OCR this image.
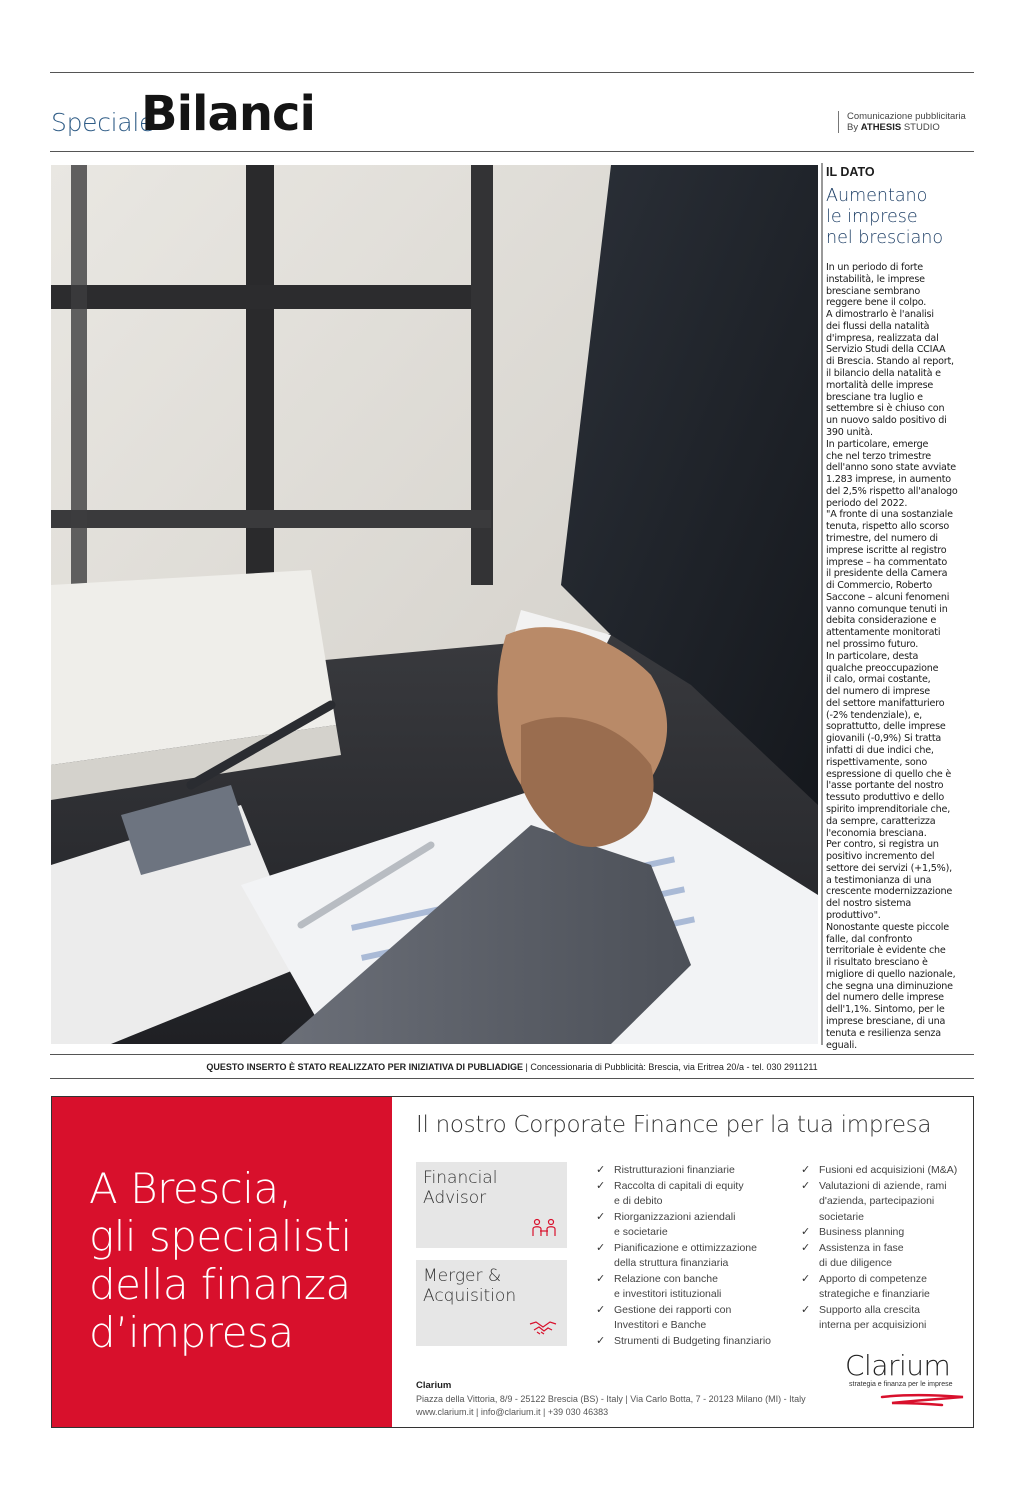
Speciale
Bilanci	Comunicazione pubblicitaria
By ATHESIS STUDIO
IL DATO
Aumentano
le imprese
nel bresciano

In un periodo di forte

instabilità, le imprese

bresciane sembrano

reggere bene il colpo.

A dimostrarlo è l'analisi

dei flussi della natalità

d'impresa, realizzata dal

Servizio Studi della CCIAA

di Brescia. Stando al report,

il bilancio della natalità e

mortalità delle imprese

bresciane tra luglio e

settembre si è chiuso con

un nuovo saldo positivo di

390 unità.

In particolare, emerge

che nel terzo trimestre

dell'anno sono state avviate

1.283 imprese, in aumento

del 2,5% rispetto all'analogo

periodo del 2022.

"A fronte di una sostanziale

tenuta, rispetto allo scorso

trimestre, del numero di

imprese iscritte al registro

imprese – ha commentato

il presidente della Camera

di Commercio, Roberto

Saccone – alcuni fenomeni

vanno comunque tenuti in

debita considerazione e

attentamente monitorati

nel prossimo futuro.

In particolare, desta

qualche preoccupazione

il calo, ormai costante,

del numero di imprese

del settore manifatturiero

(-2% tendenziale), e,

soprattutto, delle imprese

giovanili (-0,9%) Si tratta

infatti di due indici che,

rispettivamente, sono

espressione di quello che è

l'asse portante del nostro

tessuto produttivo e dello

spirito imprenditoriale che,

da sempre, caratterizza

l'economia bresciana.

Per contro, si registra un

positivo incremento del

settore dei servizi (+1,5%),

a testimonianza di una

crescente modernizzazione

del nostro sistema

produttivo".

Nonostante queste piccole

falle, dal confronto

territoriale è evidente che

il risultato bresciano è

migliore di quello nazionale,

che segna una diminuzione

del numero delle imprese

dell'1,1%. Sintomo, per le

imprese bresciane, di una

tenuta e resilienza senza

eguali.

QUESTO INSERTO È STATO REALIZZATO PER INIZIATIVA DI PUBLIADIGE | Concessionaria di Pubblicità: Brescia, via Eritrea 20/a - tel. 030 2911211
A Brescia,
gli specialisti
della finanza
d’impresa
Il nostro Corporate Finance per la tua impresa
Financial
Advisor
Merger &
Acquisition
✓ Ristrutturazioni finanziarie
✓ Raccolta di capitali di equity
e di debito
✓ Riorganizzazioni aziendali
e societarie
✓ Pianificazione e ottimizzazione
della struttura finanziaria
✓ Relazione con banche
e investitori istituzionali
✓ Gestione dei rapporti con
Investitori e Banche
✓ Strumenti di Budgeting finanziario
✓ Fusioni ed acquisizioni (M&A)
✓ Valutazioni di aziende, rami
d'azienda, partecipazioni
societarie
✓ Business planning
✓ Assistenza in fase
di due diligence
✓ Apporto di competenze
strategiche e finanziarie
✓ Supporto alla crescita
interna per acquisizioni
Clarium
Piazza della Vittoria, 8/9 - 25122 Brescia (BS) - Italy | Via Carlo Botta, 7 - 20123 Milano (MI) - Italy
www.clarium.it | info@clarium.it | +39 030 46383
Clarium
strategia e finanza per le imprese
